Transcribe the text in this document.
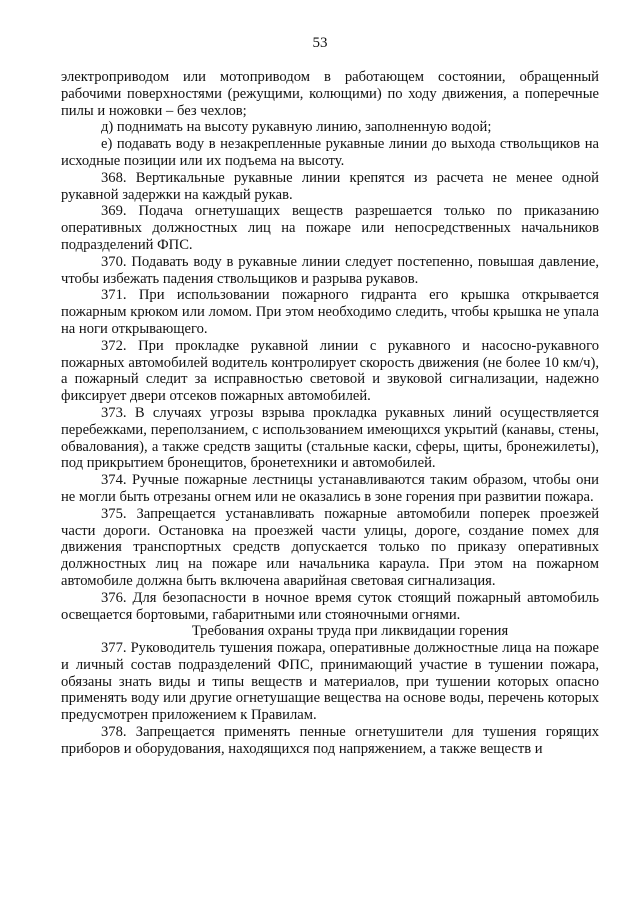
53

электроприводом или мотоприводом в работающем состоянии, обращенный рабочими поверхностями (режущими, колющими) по ходу движения, а поперечные пилы и ножовки – без чехлов;

д) поднимать на высоту рукавную линию, заполненную водой;

е) подавать воду в незакрепленные рукавные линии до выхода ствольщиков на исходные позиции или их подъема на высоту.

368. Вертикальные рукавные линии крепятся из расчета не менее одной рукавной задержки на каждый рукав.

369. Подача огнетушащих веществ разрешается только по приказанию оперативных должностных лиц на пожаре или непосредственных начальников подразделений ФПС.

370. Подавать воду в рукавные линии следует постепенно, повышая давление, чтобы избежать падения ствольщиков и разрыва рукавов.

371. При использовании пожарного гидранта его крышка открывается пожарным крюком или ломом. При этом необходимо следить, чтобы крышка не упала на ноги открывающего.

372. При прокладке рукавной линии с рукавного и насосно-рукавного пожарных автомобилей водитель контролирует скорость движения (не более 10 км/ч), а пожарный следит за исправностью световой и звуковой сигнализации, надежно фиксирует двери отсеков пожарных автомобилей.

373. В случаях угрозы взрыва прокладка рукавных линий осуществляется перебежками, переползанием, с использованием имеющихся укрытий (канавы, стены, обвалования), а также средств защиты (стальные каски, сферы, щиты, бронежилеты), под прикрытием бронещитов, бронетехники и автомобилей.

374. Ручные пожарные лестницы устанавливаются таким образом, чтобы они не могли быть отрезаны огнем или не оказались в зоне горения при развитии пожара.

375. Запрещается устанавливать пожарные автомобили поперек проезжей части дороги. Остановка на проезжей части улицы, дороге, создание помех для движения транспортных средств допускается только по приказу оперативных должностных лиц на пожаре или начальника караула. При этом на пожарном автомобиле должна быть включена аварийная световая сигнализация.

376. Для безопасности в ночное время суток стоящий пожарный автомобиль освещается бортовыми, габаритными или стояночными огнями.

Требования охраны труда при ликвидации горения

377. Руководитель тушения пожара, оперативные должностные лица на пожаре и личный состав подразделений ФПС, принимающий участие в тушении пожара, обязаны знать виды и типы веществ и материалов, при тушении которых опасно применять воду или другие огнетушащие вещества на основе воды, перечень которых предусмотрен приложением к Правилам.

378. Запрещается применять пенные огнетушители для тушения горящих приборов и оборудования, находящихся под напряжением, а также веществ и
